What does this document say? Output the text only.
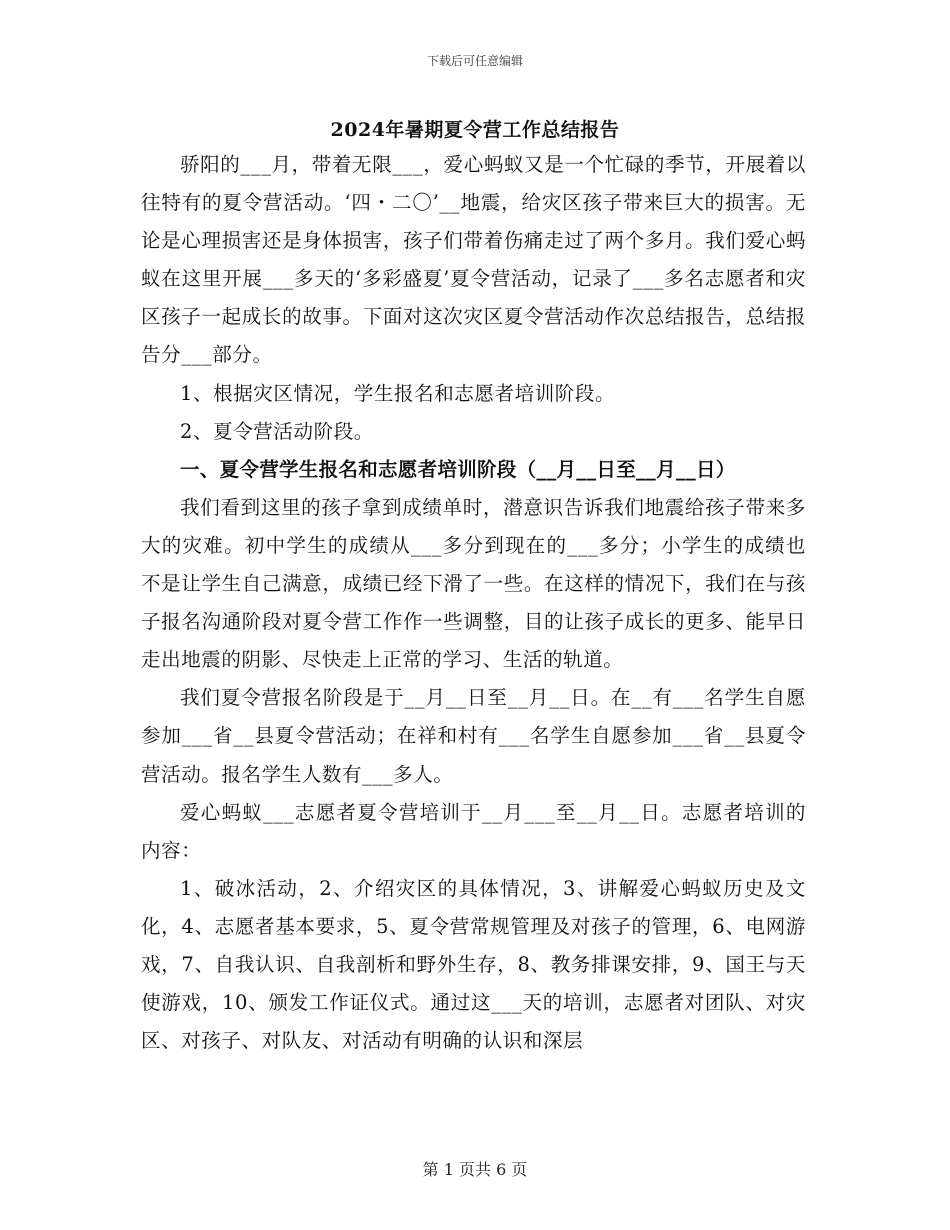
下载后可任意编辑
2024年暑期夏令营工作总结报告

骄阳的___月，带着无限___，爱心蚂蚁又是一个忙碌的季节，开展着以往特有的夏令营活动。‘四・二〇’__地震，给灾区孩子带来巨大的损害。无论是心理损害还是身体损害，孩子们带着伤痛走过了两个多月。我们爱心蚂蚁在这里开展___多天的‘多彩盛夏’夏令营活动，记录了___多名志愿者和灾区孩子一起成长的故事。下面对这次灾区夏令营活动作次总结报告，总结报告分___部分。

1、根据灾区情况，学生报名和志愿者培训阶段。

2、夏令营活动阶段。

一、夏令营学生报名和志愿者培训阶段（__月__日至__月__日）

我们看到这里的孩子拿到成绩单时，潜意识告诉我们地震给孩子带来多大的灾难。初中学生的成绩从___多分到现在的___多分；小学生的成绩也不是让学生自己满意，成绩已经下滑了一些。在这样的情况下，我们在与孩子报名沟通阶段对夏令营工作作一些调整，目的让孩子成长的更多、能早日走出地震的阴影、尽快走上正常的学习、生活的轨道。

我们夏令营报名阶段是于__月__日至__月__日。在__有___名学生自愿参加___省__县夏令营活动；在祥和村有___名学生自愿参加___省__县夏令营活动。报名学生人数有___多人。

爱心蚂蚁___志愿者夏令营培训于__月___至__月__日。志愿者培训的内容：

1、破冰活动，2、介绍灾区的具体情况，3、讲解爱心蚂蚁历史及文化，4、志愿者基本要求，5、夏令营常规管理及对孩子的管理，6、电网游戏，7、自我认识、自我剖析和野外生存，8、教务排课安排，9、国王与天使游戏，10、颁发工作证仪式。通过这___天的培训，志愿者对团队、对灾区、对孩子、对队友、对活动有明确的认识和深层

第 1 页共 6 页
